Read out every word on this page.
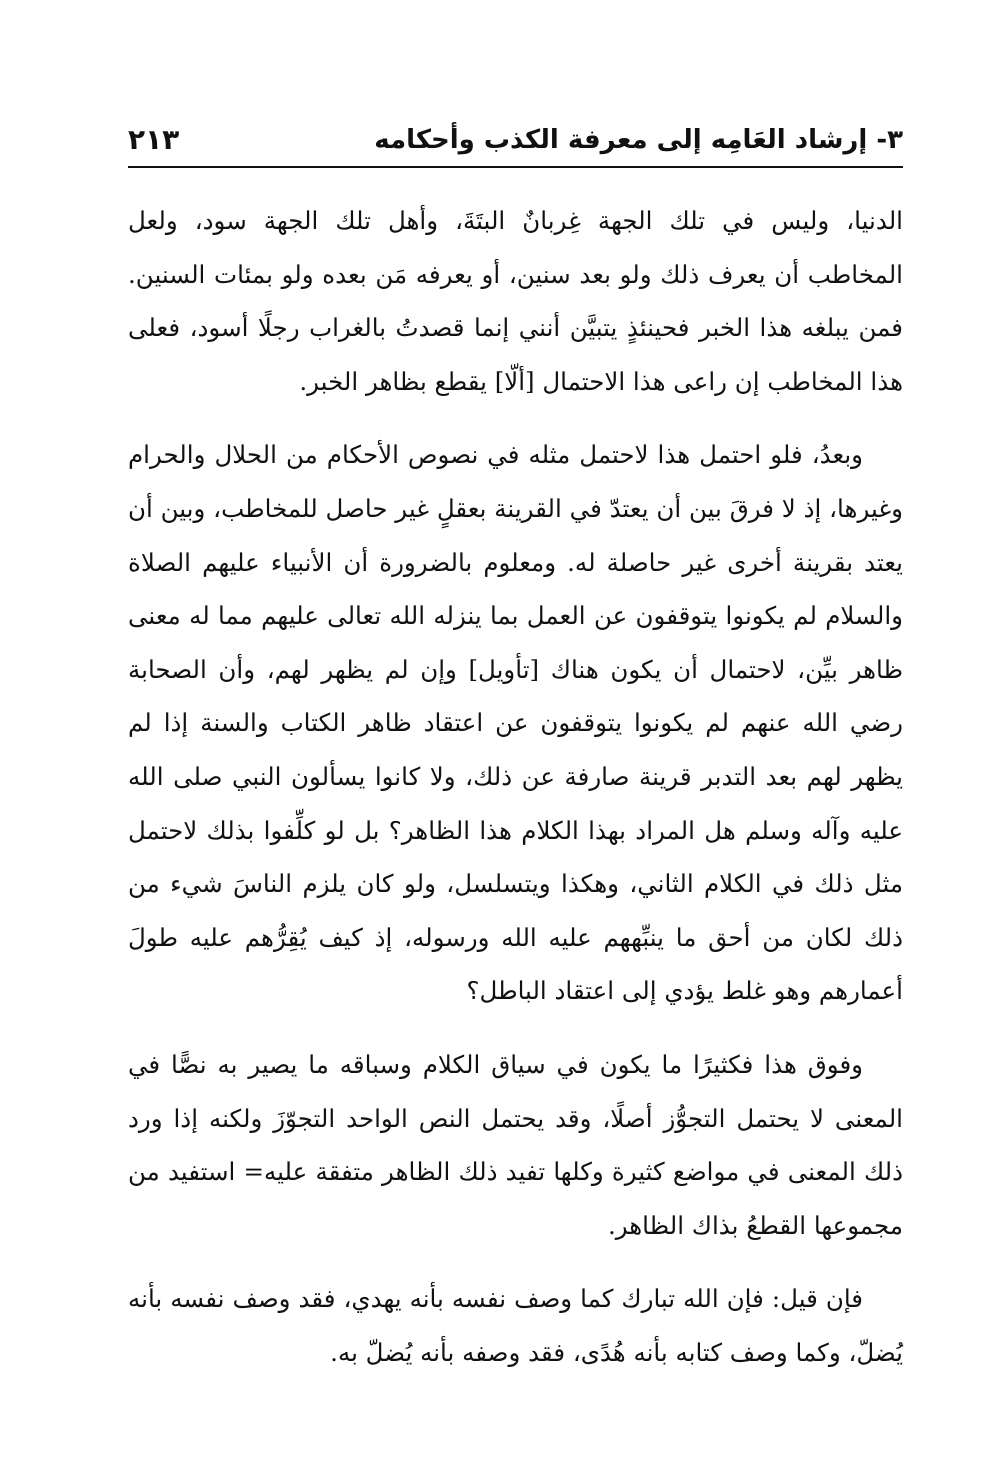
٣- إرشاد العَامِه إلى معرفة الكذب وأحكامه
٢١٣

الدنيا، وليس في تلك الجهة غِربانٌ البتَةَ، وأهل تلك الجهة سود، ولعل المخاطب أن يعرف ذلك ولو بعد سنين، أو يعرفه مَن بعده ولو بمئات السنين. فمن يبلغه هذا الخبر فحينئذٍ يتبيَّن أنني إنما قصدتُ بالغراب رجلًا أسود، فعلى هذا المخاطب إن راعى هذا الاحتمال [ألّا] يقطع بظاهر الخبر.

وبعدُ، فلو احتمل هذا لاحتمل مثله في نصوص الأحكام من الحلال والحرام وغيرها، إذ لا فرقَ بين أن يعتدّ في القرينة بعقلٍ غير حاصل للمخاطب، وبين أن يعتد بقرينة أخرى غير حاصلة له. ومعلوم بالضرورة أن الأنبياء عليهم الصلاة والسلام لم يكونوا يتوقفون عن العمل بما ينزله الله تعالى عليهم مما له معنى ظاهر بيِّن، لاحتمال أن يكون هناك [تأويل] وإن لم يظهر لهم، وأن الصحابة رضي الله عنهم لم يكونوا يتوقفون عن اعتقاد ظاهر الكتاب والسنة إذا لم يظهر لهم بعد التدبر قرينة صارفة عن ذلك، ولا كانوا يسألون النبي صلى الله عليه وآله وسلم هل المراد بهذا الكلام هذا الظاهر؟ بل لو كلِّفوا بذلك لاحتمل مثل ذلك في الكلام الثاني، وهكذا ويتسلسل، ولو كان يلزم الناسَ شيء من ذلك لكان من أحق ما ينبِّههم عليه الله ورسوله، إذ كيف يُقِرُّهم عليه طولَ أعمارهم وهو غلط يؤدي إلى اعتقاد الباطل؟

وفوق هذا فكثيرًا ما يكون في سياق الكلام وسباقه ما يصير به نصًّا في المعنى لا يحتمل التجوُّز أصلًا، وقد يحتمل النص الواحد التجوّزَ ولكنه إذا ورد ذلك المعنى في مواضع كثيرة وكلها تفيد ذلك الظاهر متفقة عليه= استفيد من مجموعها القطعُ بذاك الظاهر.

فإن قيل: فإن الله تبارك كما وصف نفسه بأنه يهدي، فقد وصف نفسه بأنه يُضلّ، وكما وصف كتابه بأنه هُدًى، فقد وصفه بأنه يُضلّ به.
